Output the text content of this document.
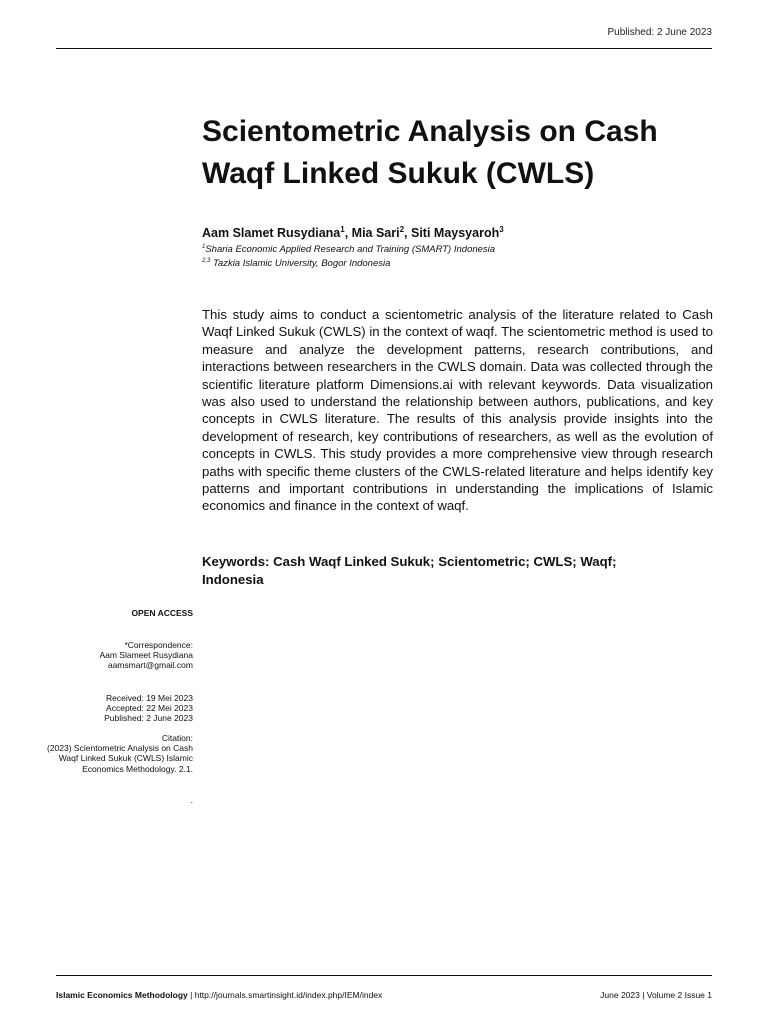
Published: 2 June 2023
Scientometric Analysis on Cash Waqf Linked Sukuk (CWLS)
Aam Slamet Rusydiana$^1$, Mia Sari$^2$, Siti Maysyaroh$^3$
$^1$Sharia Economic Applied Research and Training (SMART) Indonesia
$^{2,3}$ Tazkia Islamic University, Bogor Indonesia

This study aims to conduct a scientometric analysis of the literature related to Cash Waqf Linked Sukuk (CWLS) in the context of waqf. The scientometric method is used to measure and analyze the development patterns, research contributions, and interactions between researchers in the CWLS domain. Data was collected through the scientific literature platform Dimensions.ai with relevant keywords. Data visualization was also used to understand the relationship between authors, publications, and key concepts in CWLS literature. The results of this analysis provide insights into the development of research, key contributions of researchers, as well as the evolution of concepts in CWLS. This study provides a more comprehensive view through research paths with specific theme clusters of the CWLS-related literature and helps identify key patterns and important contributions in understanding the implications of Islamic economics and finance in the context of waqf.

Keywords: Cash Waqf Linked Sukuk; Scientometric; CWLS; Waqf; Indonesia

OPEN ACCESS
*Correspondence:
Aam Slameet Rusydiana
aamsmart@gmail.com
Received: 19 Mei 2023
Accepted: 22 Mei 2023
Published: 2 June 2023
Citation:
(2023) Scientometric Analysis on Cash Waqf Linked Sukuk (CWLS) Islamic Economics Methodology. 2.1.
.
Islamic Economics Methodology | http://journals.smartinsight.id/index.php/IEM/index	June 2023 | Volume 2 Issue 1
